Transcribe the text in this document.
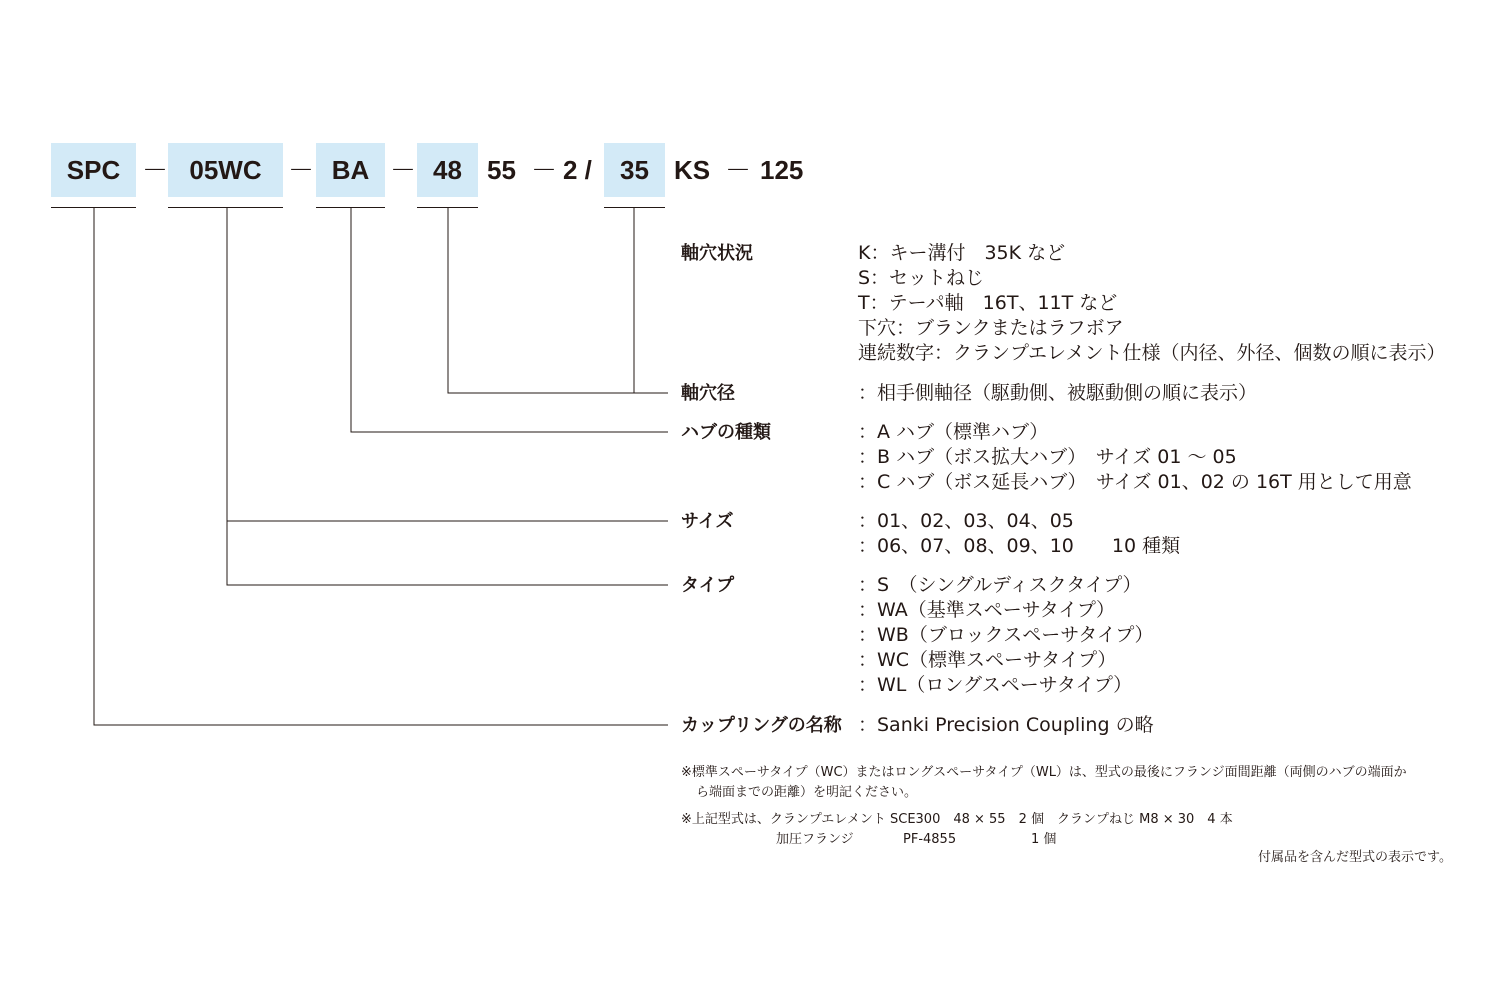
SPC － 05WC	－ BA － 48 55 － 2 /	35 KS － 125
軸穴状況	K：キー溝付　35K など
S：セットねじ
T：テーパ軸　16T、11T など
下穴：ブランクまたはラフボア
連続数字：クランプエレメント仕様（内径、外径、個数の順に表示）
軸穴径	：相手側軸径（駆動側、被駆動側の順に表示）
ハブの種類	：A ハブ（標準ハブ）
：B ハブ（ボス拡大ハブ）　サイズ 01 ～ 05
：C ハブ（ボス延長ハブ）　サイズ 01、02 の 16T 用として用意
サイズ	：01、02、03、04、05
：06、07、08、09、10　　10 種類
タイプ	：S　（シングルディスクタイプ）
：WA（基準スペーサタイプ）
：WB（ブロックスペーサタイプ）
：WC（標準スペーサタイプ）
：WL（ロングスペーサタイプ）
カップリングの名称 ：Sanki Precision Coupling の略
※標準スペーサタイプ（WC）またはロングスペーサタイプ（WL）は、型式の最後にフランジ面間距離（両側のハブの端面か
ら端面までの距離）を明記ください。
※上記型式は、クランプエレメント SCE300　48 × 55　2 個　クランプねじ M8 × 30　4 本
加圧フランジ	PF-4855	1 個
付属品を含んだ型式の表示です。
